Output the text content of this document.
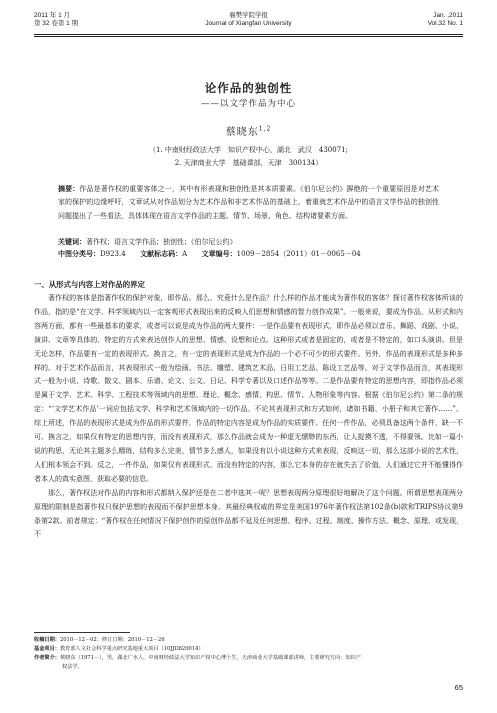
2011 年 1 月
第 32 卷第 1 期
襄樊学院学报
Journal of Xiangfan University
Jan. ,2011
Vol.32 No. 1
论作品的独创性
——以文学作品为中心
蔡晓东$^{1,2}$
（1. 中南财经政法大学　知识产权中心，湖北　武汉　430071;
2. 天津商业大学　基础课部，天津　300134）
摘要：作品是著作权的重要客体之一，其中有形表现和独创性是其本质要素。《伯尔尼公约》摒绝的一个重要原因是对艺术家的保护的边缘呼吁，文章试从对作品划分为艺术作品和非艺术作品的基础上，着重就艺术作品中的语言文学作品的独创性问题提出了一些看法，具体体现在语言文学作品的主题、情节、场景、角色、结构诸要素方面。
关键词：著作权；语言文学作品；独创性；《伯尔尼公约》
中图分类号：D923.4 文献标志码：A 文章编号：1009－2854（2011）01－0065－04
一、从形式与内容上对作品的界定

著作权的客体是指著作权的保护对象，即作品。那么，究竟什么是作品？什么样的作品才能成为著作权的客体？探讨著作权客体所谈的作品，指的是“在文学、科学领域内以一定客观形式表现出来的反映人们思想和情感的智力创作成果”。一般来说，要成为作品，从形式和内容两方面，都有一些最基本的要求，或者可以说是成为作品的两大要件：一是作品要有表现形式，即作品必须以音乐、舞蹈、戏剧、小说、演讲、文章等具体的、特定的方式来表达创作人的思想、情感、设想和论点。这种形式或者是固定的，或者是不特定的，如口头演讲。但是无论怎样，作品要有一定的表现形式。换言之，有一定的表现形式是成为作品的一个必不可少的形式要件。另外，作品的表现形式是多种多样的。对于艺术作品而言，其表现形式一般为绘画、书法、雕塑、建筑艺术品、日用工艺品、陈设工艺品等。对于文学作品而言，其表现形式一般为小说、诗歌、散文、剧本、乐谱、论文、公文、日记、科学专著以及口述作品等等。二是作品要有特定的思想内容，即指作品必须是属于文学、艺术、科学、工程技术等领域内的思想、理论、概念、感情、构思、情节、人物形象等内容。根据《伯尔尼公约》第二条的规定：“‘文学艺术作品’一词应包括文学、科学和艺术领域内的一切作品。不论其表现形式和方式如何，诸如书籍、小册子和其它著作……”。综上所述，作品的表现形式是成为作品的形式要件，作品的特定内容是成为作品的实质要件。任何一件作品，必须具备这两个条件，缺一不可。换言之，如果仅有特定的思想内容，而没有表现形式，那么作品就会成为一种虚无缥缈的东西，让人捉摸不透，不得要领。比如一篇小说的构思，无论其主题多么精练，结构多么完美，情节多么感人，如果没有以小说这种方式来表现，反映这一切，那么这部小说的艺术性，人们根本领会不到。反之，一件作品，如果仅有表现形式，而没有特定的内容，那么它本身的存在就失去了价值，人们通过它并不能懂得作者本人的真实意图，获取必要的信息。

那么，著作权法对作品的内容和形式都纳入保护还是在二者中选其一呢？思想表现两分原理很好地解决了这个问题。所谓思想表现两分原理的限制是指著作权只保护思想的表现而不保护思想本身。其最经典权威的界定是美国1976年著作权法第102条(b)款和TRIPS协议第9条第2款。前者规定：“著作权在任何情况下保护创作的原创作品都不延及任何思想、程序、过程、制度、操作方法、概念、原理、或发现，不

收稿日期：2010－12－02；修订日期：2010－12－26
基金项目：教育部人文社会科学重点研究基地重大项目（10JJD820014）
作者简介：蔡晓东（1971－），男，湖北广水人，中南财经政法大学知识产权中心博士生，天津商业大学基础课部讲师，主要研究方向：知识产
权法学。
65
